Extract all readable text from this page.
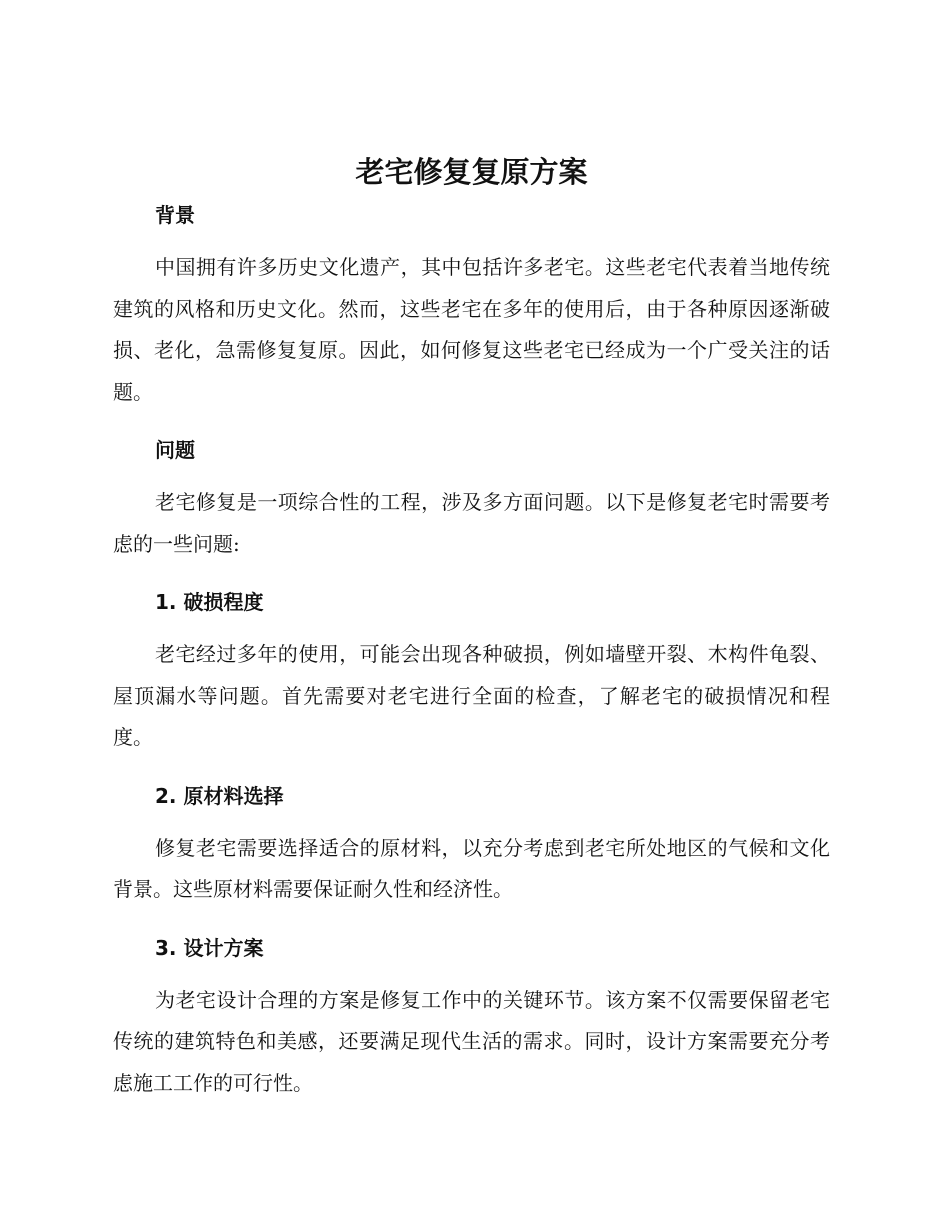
老宅修复复原方案
背景

中国拥有许多历史文化遗产，其中包括许多老宅。这些老宅代表着当地传统建筑的风格和历史文化。然而，这些老宅在多年的使用后，由于各种原因逐渐破损、老化，急需修复复原。因此，如何修复这些老宅已经成为一个广受关注的话题。

问题

老宅修复是一项综合性的工程，涉及多方面问题。以下是修复老宅时需要考虑的一些问题:

1. 破损程度

老宅经过多年的使用，可能会出现各种破损，例如墙壁开裂、木构件龟裂、屋顶漏水等问题。首先需要对老宅进行全面的检查，了解老宅的破损情况和程度。

2. 原材料选择

修复老宅需要选择适合的原材料，以充分考虑到老宅所处地区的气候和文化背景。这些原材料需要保证耐久性和经济性。

3. 设计方案

为老宅设计合理的方案是修复工作中的关键环节。该方案不仅需要保留老宅传统的建筑特色和美感，还要满足现代生活的需求。同时，设计方案需要充分考虑施工工作的可行性。
